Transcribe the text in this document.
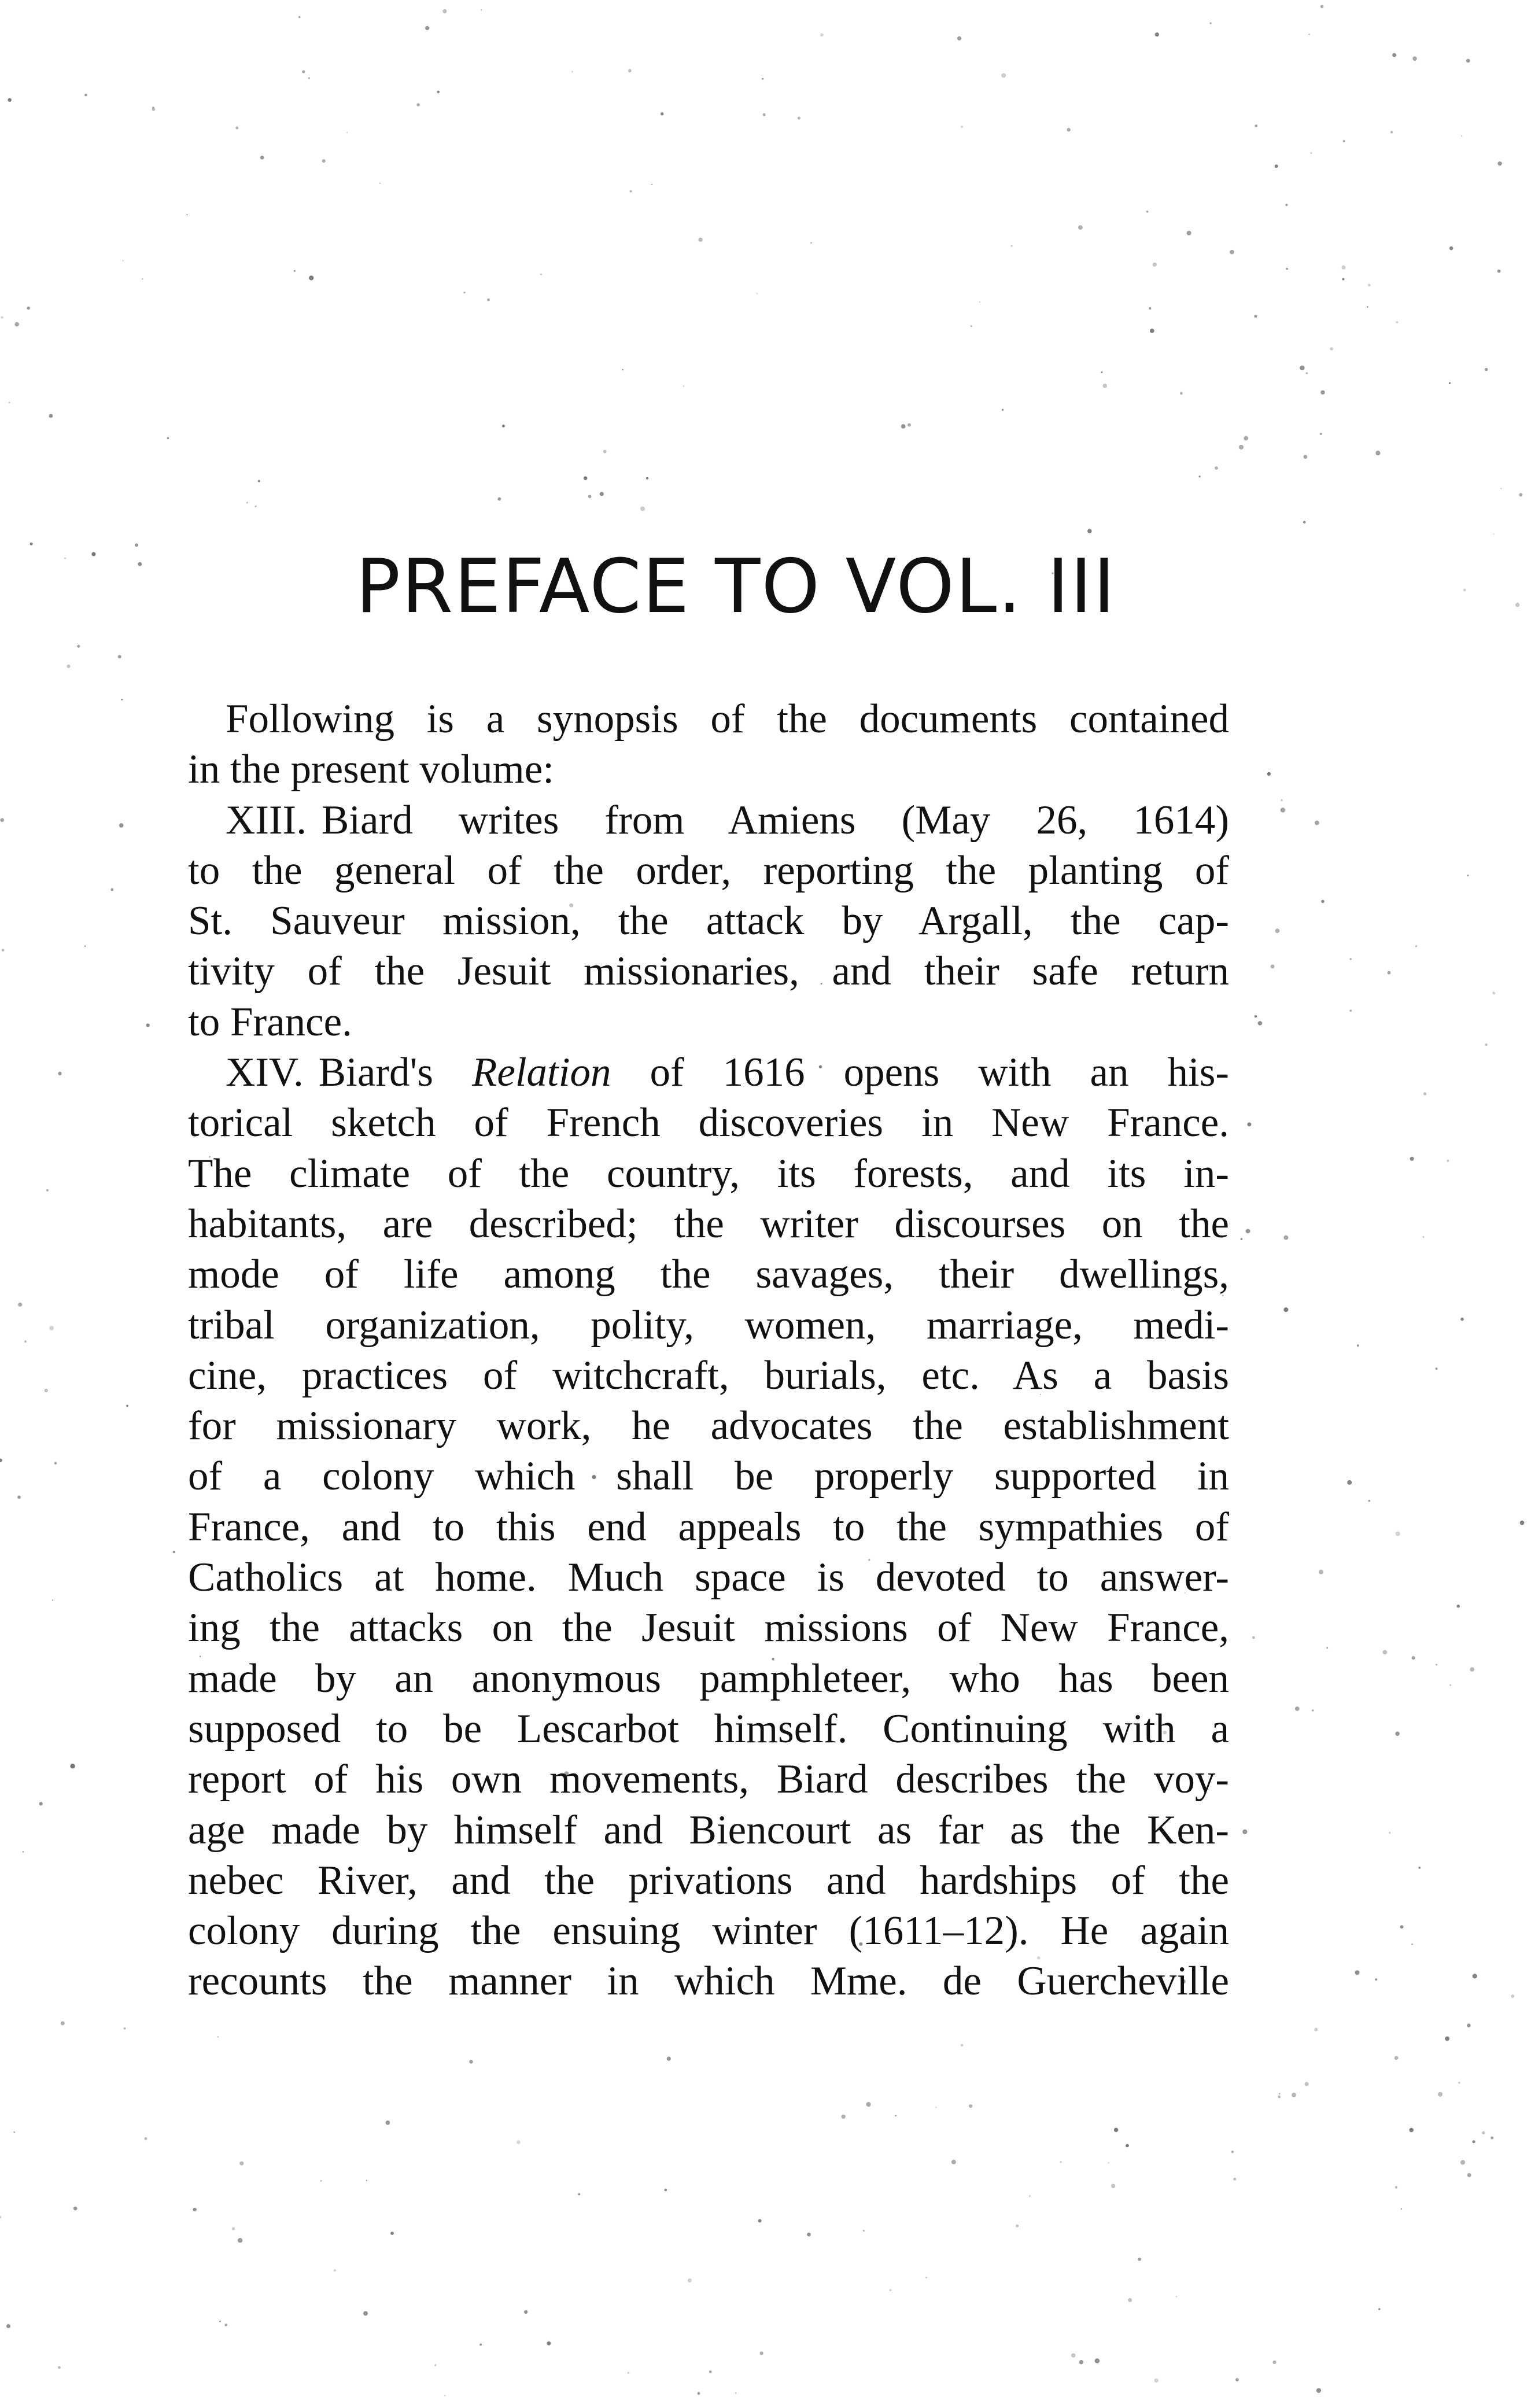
PREFACE TO VOL. III
Following is a synopsis of the documents contained
in the present volume:
XIII. Biard writes from Amiens (May 26, 1614)
to the general of the order, reporting the planting of
St. Sauveur mission, the attack by Argall, the cap-
tivity of the Jesuit missionaries, and their safe return
to France.
XIV. Biard's Relation of 1616 opens with an his-
torical sketch of French discoveries in New France.
The climate of the country, its forests, and its in-
habitants, are described; the writer discourses on the
mode of life among the savages, their dwellings,
tribal organization, polity, women, marriage, medi-
cine, practices of witchcraft, burials, etc. As a basis
for missionary work, he advocates the establishment
of a colony which shall be properly supported in
France, and to this end appeals to the sympathies of
Catholics at home. Much space is devoted to answer-
ing the attacks on the Jesuit missions of New France,
made by an anonymous pamphleteer, who has been
supposed to be Lescarbot himself. Continuing with a
report of his own movements, Biard describes the voy-
age made by himself and Biencourt as far as the Ken-
nebec River, and the privations and hardships of the
colony during the ensuing winter (1611–12). He again
recounts the manner in which Mme. de Guercheville
